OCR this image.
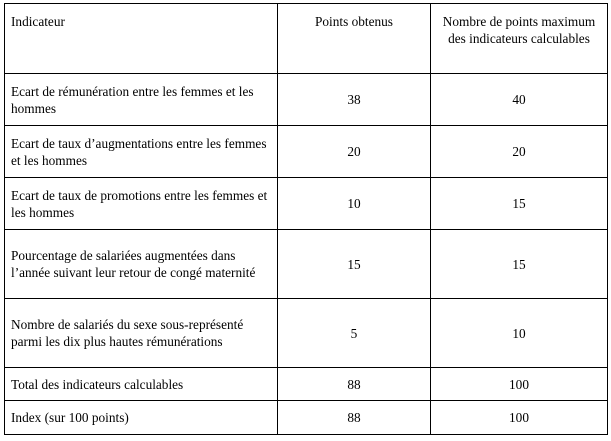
Indicateur	Points obtenus	Nombre de points maximum des indicateurs calculables
Ecart de rémunération entre les femmes et les hommes	38	40
Ecart de taux d’augmentations entre les femmes et les hommes	20	20
Ecart de taux de promotions entre les femmes et les hommes	10	15
Pourcentage de salariées augmentées dans l’année suivant leur retour de congé maternité	15	15
Nombre de salariés du sexe sous-représenté parmi les dix plus hautes rémunérations	5	10
Total des indicateurs calculables	88	100
Index (sur 100 points)	88	100
